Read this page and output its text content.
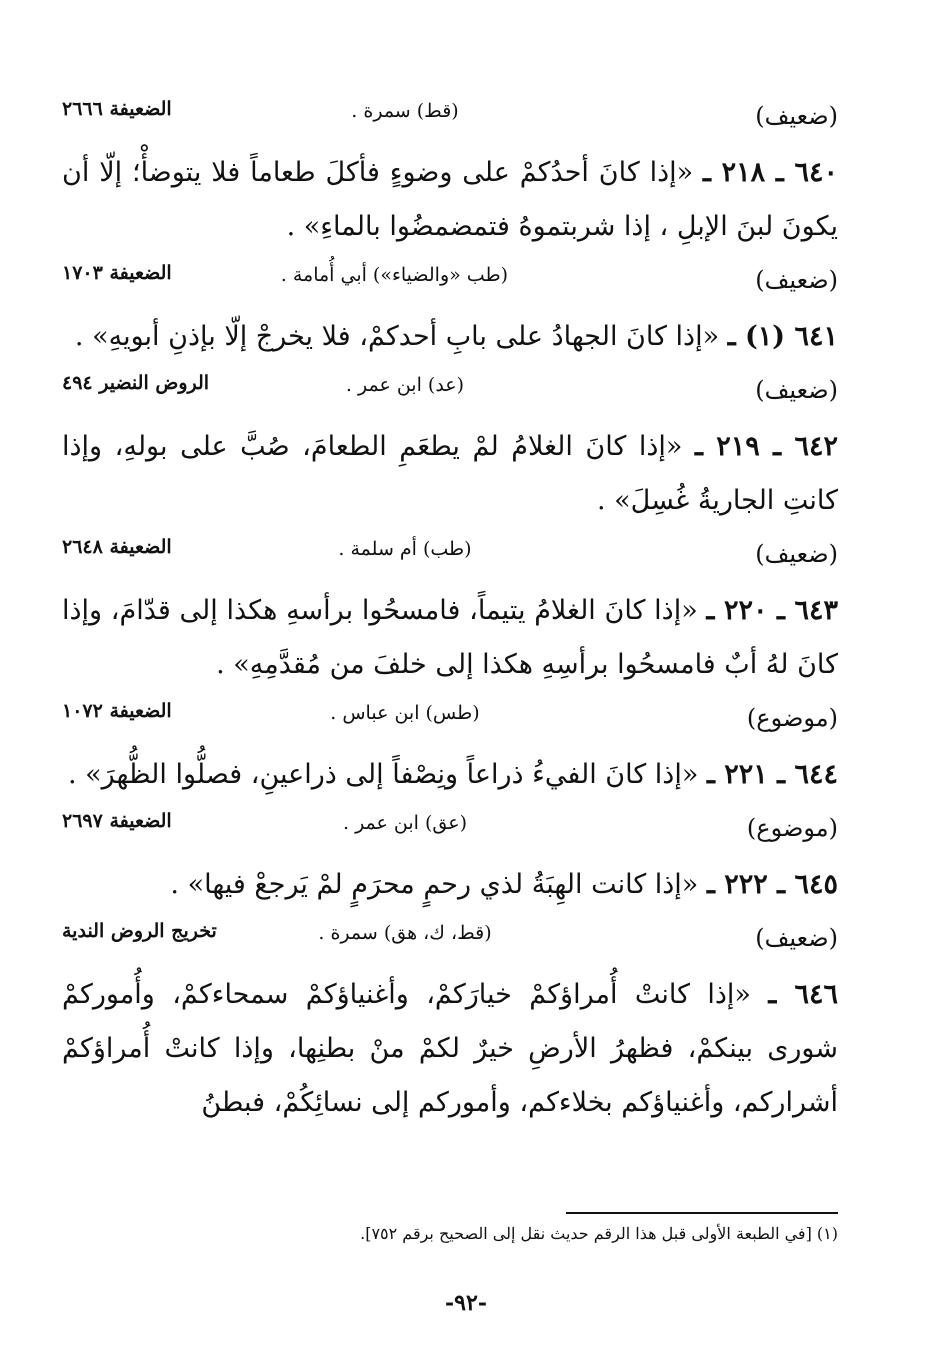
(ضعيف)
(قط) سمرة .
الضعيفة ٢٦٦٦

٦٤٠ ـ ٢١٨ ـ «إذا كانَ أحدُكمْ على وضوءٍ فأكلَ طعاماً فلا يتوضأْ؛ إلّا أن يكونَ لبنَ الإبلِ ، إذا شربتموهُ فتمضمضُوا بالماءِ» .

(ضعيف)
(طب «والضياء») أبي أُمامة .
الضعيفة ١٧٠٣

٦٤١ (١) ـ «إذا كانَ الجهادُ على بابِ أحدكمْ، فلا يخرجْ إلّا بإذنِ أبويهِ» .

(ضعيف)
(عد) ابن عمر .
الروض النضير ٤٩٤

٦٤٢ ـ ٢١٩ ـ «إذا كانَ الغلامُ لمْ يطعَمِ الطعامَ، صُبَّ على بولهِ، وإذا كانتِ الجاريةُ غُسِلَ» .

(ضعيف)
(طب) أم سلمة .
الضعيفة ٢٦٤٨

٦٤٣ ـ ٢٢٠ ـ «إذا كانَ الغلامُ يتيماً، فامسحُوا برأسهِ هكذا إلى قدّامَ، وإذا كانَ لهُ أبٌ فامسحُوا برأسِهِ هكذا إلى خلفَ من مُقدَّمِهِ» .

(موضوع)
(طس) ابن عباس .
الضعيفة ١٠٧٢

٦٤٤ ـ ٢٢١ ـ «إذا كانَ الفيءُ ذراعاً ونِصْفاً إلى ذراعينِ، فصلُّوا الظُّهرَ» .

(موضوع)
(عق) ابن عمر .
الضعيفة ٢٦٩٧

٦٤٥ ـ ٢٢٢ ـ «إذا كانت الهِبَةُ لذي رحمٍ محرَمٍ لمْ يَرجعْ فيها» .

(ضعيف)
(قط، ك، هق) سمرة .
تخريج الروض الندية

٦٤٦ ـ «إذا كانتْ أُمراؤكمْ خيارَكمْ، وأغنياؤكمْ سمحاءكمْ، وأُموركمْ شورى بينكمْ، فظهرُ الأرضِ خيرٌ لكمْ منْ بطنِها، وإذا كانتْ أُمراؤكمْ أشراركم، وأغنياؤكم بخلاءكم، وأموركم إلى نسائِكُمْ، فبطنُ

(١) [في الطبعة الأولى قبل هذا الرقم حديث نقل إلى الصحيح برقم ٧٥٢].
-٩٢-
